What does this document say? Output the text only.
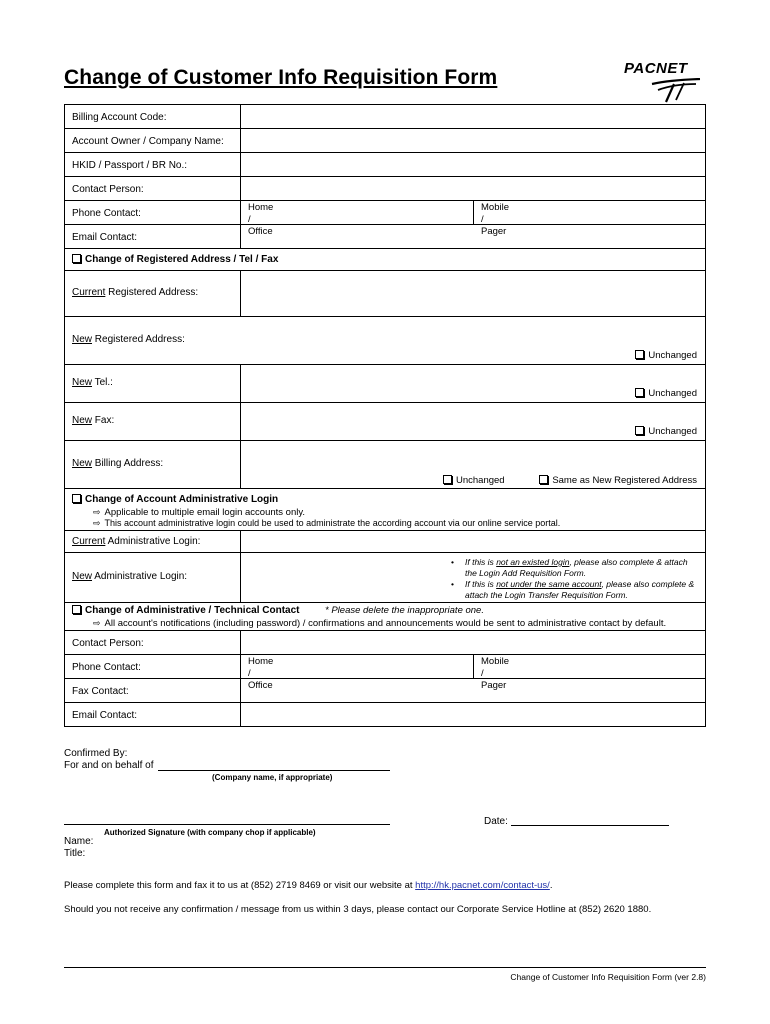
Change of Customer Info Requisition Form	PACNET
Billing Account Code:
Account Owner / Company Name:
HKID / Passport / BR No.:
Contact Person:
Phone Contact:
Home / Office
Mobile / Pager
Email Contact:
Change of Registered Address / Tel / Fax
Current Registered Address:
New Registered Address:
Unchanged
New Tel.:
Unchanged
New Fax:
Unchanged
New Billing Address:
Unchanged	Same as New Registered Address
Change of Account Administrative Login
⇨ Applicable to multiple email login accounts only.
⇨ This account administrative login could be used to administrate the according account via our online service portal.
Current Administrative Login:
New Administrative Login:
• If this is not an existed login, please also complete & attach the Login Add Requisition Form.
• If this is not under the same account, please also complete & attach the Login Transfer Requisition Form.
Change of Administrative / Technical Contact	* Please delete the inappropriate one.
⇨ All account's notifications (including password) / confirmations and announcements would be sent to administrative contact by default.
Contact Person:
Phone Contact:
Home / Office
Mobile / Pager
Fax Contact:
Email Contact:
Confirmed By:
For and on behalf of
(Company name, if appropriate)
Authorized Signature (with company chop if applicable)
Date:
Name:
Title:
Please complete this form and fax it to us at (852) 2719 8469 or visit our website at http://hk.pacnet.com/contact-us/.
Should you not receive any confirmation / message from us within 3 days, please contact our Corporate Service Hotline at (852) 2620 1880.
Change of Customer Info Requisition Form (ver 2.8)
